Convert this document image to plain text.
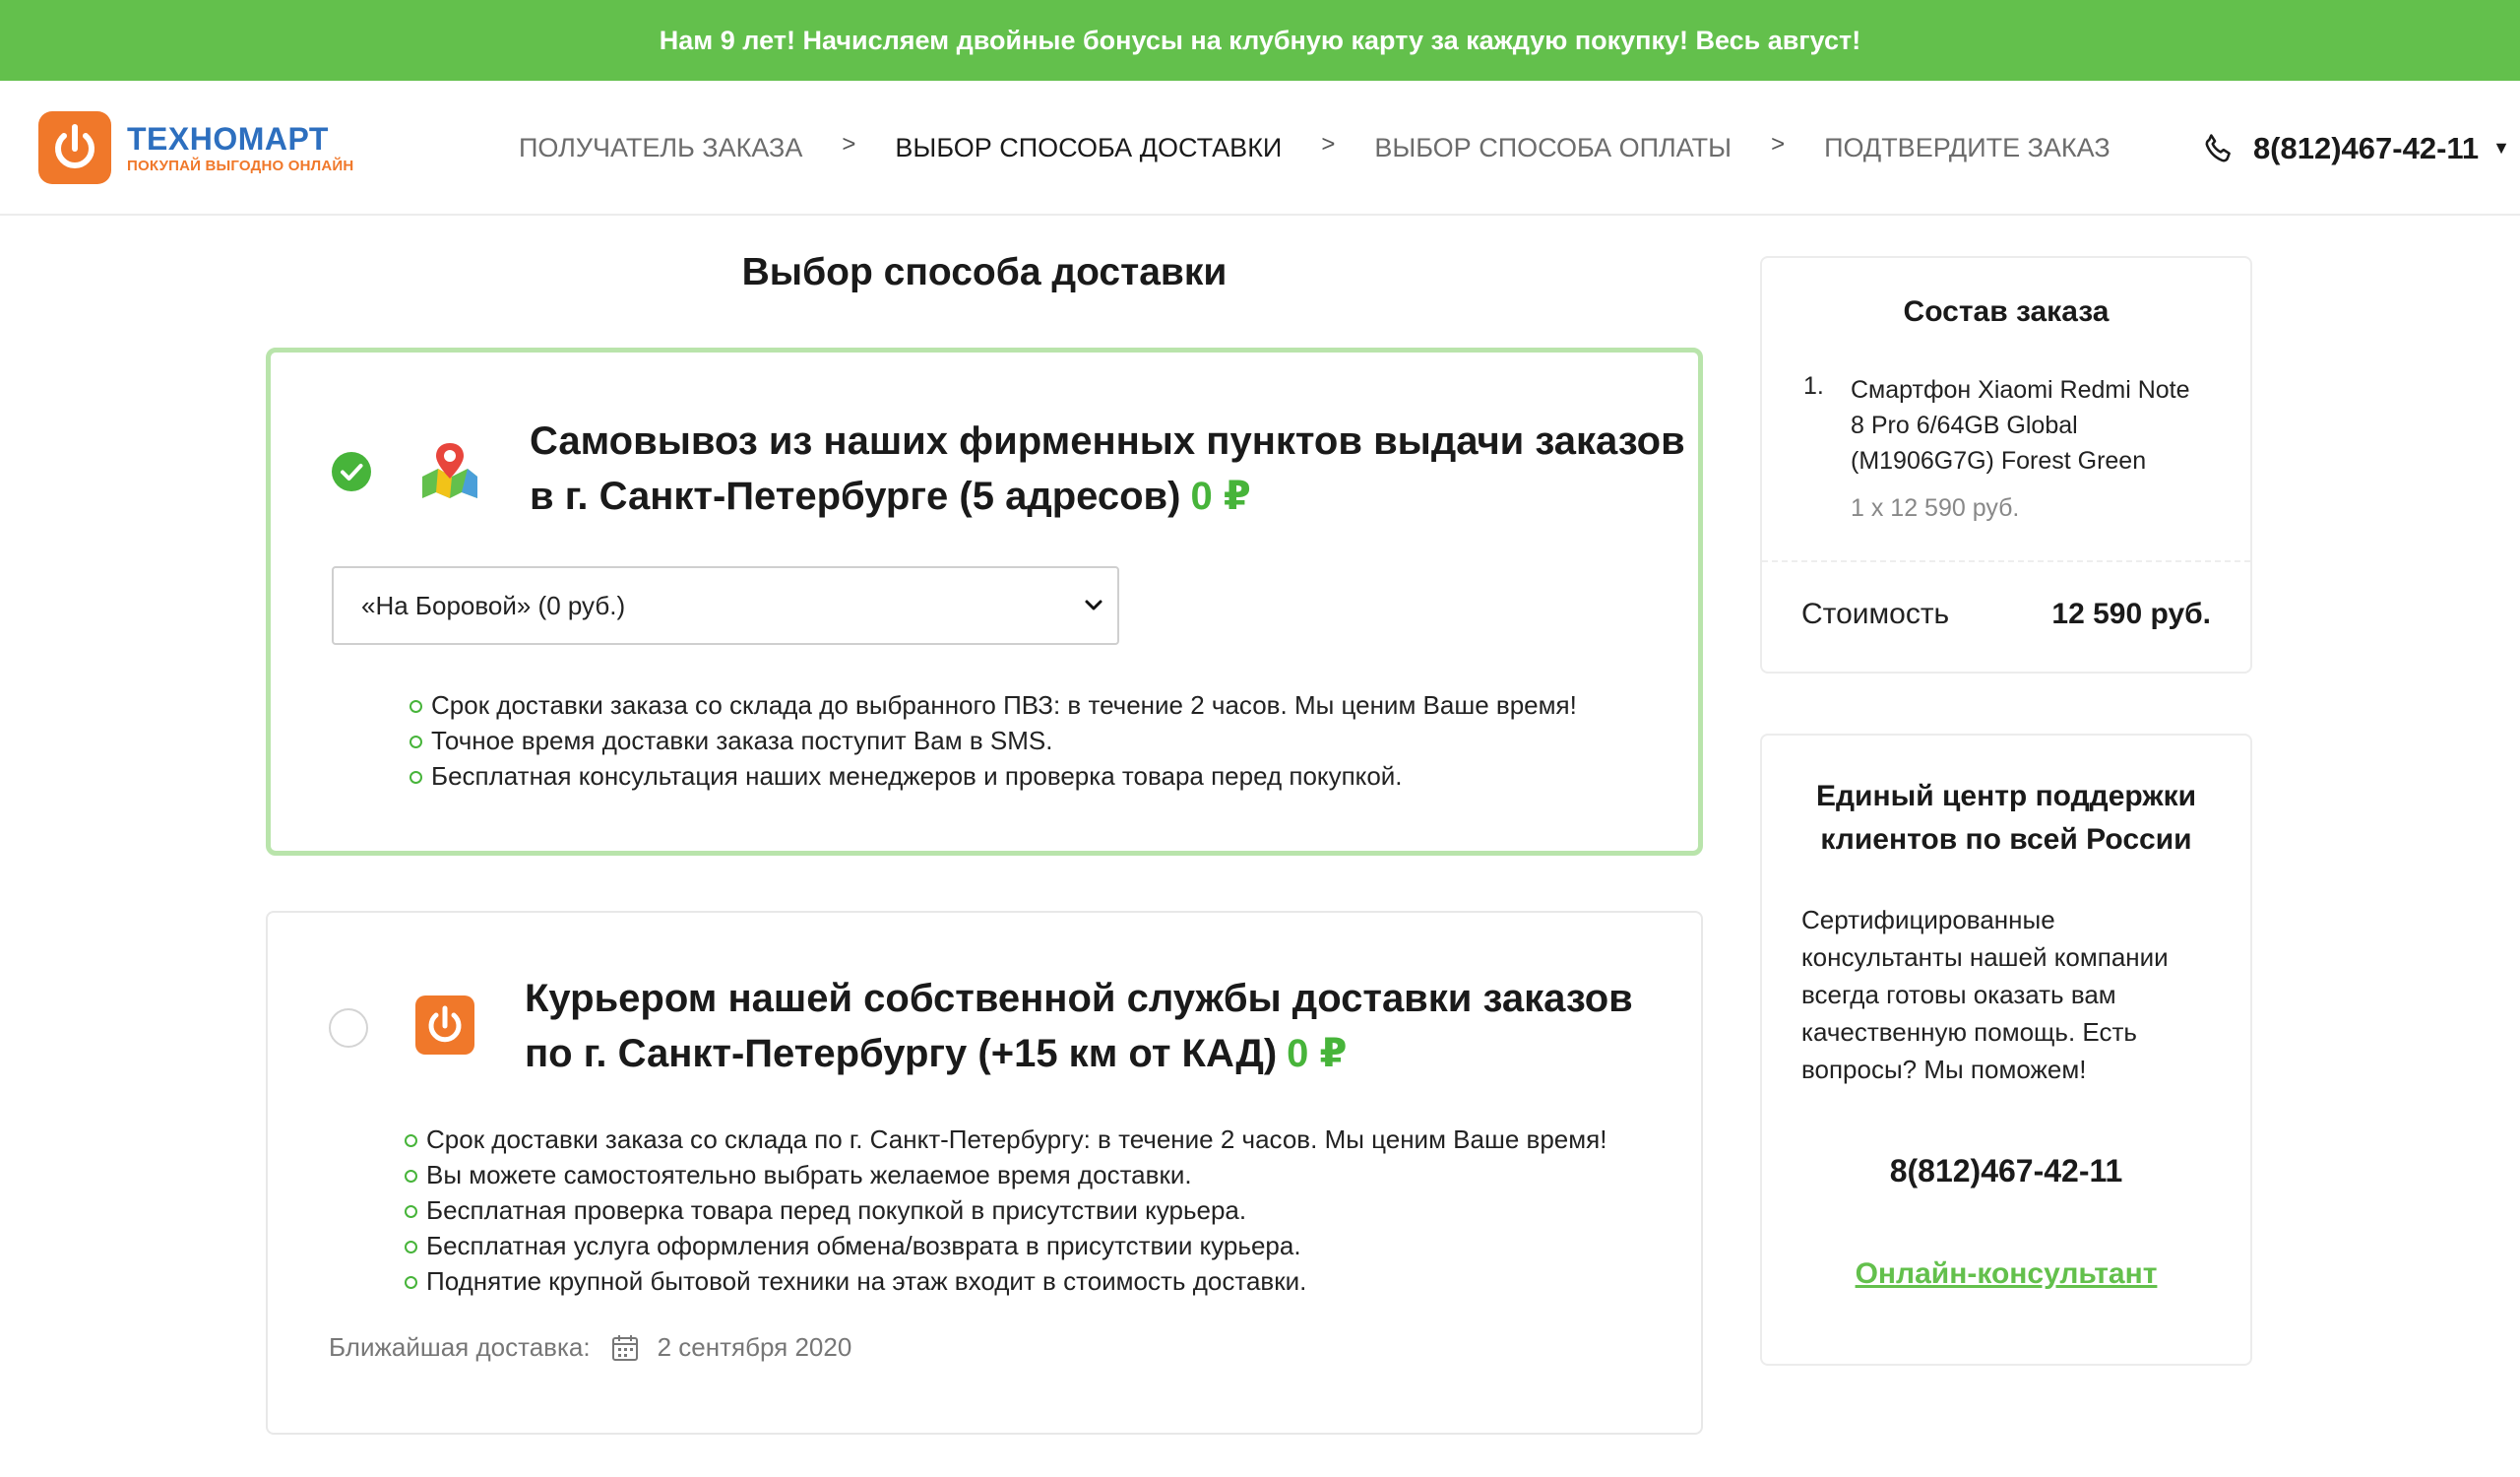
Нам 9 лет! Начисляем двойные бонусы на клубную карту за каждую покупку! Весь август!
ТЕХНОМАРТ
ПОКУПАЙ ВЫГОДНО ОНЛАЙН
ПОЛУЧАТЕЛЬ ЗАКАЗА > ВЫБОР СПОСОБА ДОСТАВКИ > ВЫБОР СПОСОБА ОПЛАТЫ > ПОДТВЕРДИТЕ ЗАКАЗ	8(812)467-42-11 ▼
Выбор способа доставки
Самовывоз из наших фирменных пунктов выдачи заказов
в г. Санкт-Петербурге (5 адресов) 0 ₽
«На Боровой» (0 руб.)
Срок доставки заказа со склада до выбранного ПВЗ: в течение 2 часов. Мы ценим Ваше время!
Точное время доставки заказа поступит Вам в SMS.
Бесплатная консультация наших менеджеров и проверка товара перед покупкой.
Курьером нашей собственной службы доставки заказов
по г. Санкт-Петербургу (+15 км от КАД) 0 ₽
Срок доставки заказа со склада по г. Санкт-Петербургу: в течение 2 часов. Мы ценим Ваше время!
Вы можете самостоятельно выбрать желаемое время доставки.
Бесплатная проверка товара перед покупкой в присутствии курьера.
Бесплатная услуга оформления обмена/возврата в присутствии курьера.
Поднятие крупной бытовой техники на этаж входит в стоимость доставки.
Ближайшая доставка:	2 сентября 2020
Состав заказа
1.	Смартфон Xiaomi Redmi Note 8 Pro 6/64GB Global (M1906G7G) Forest Green
1 x 12 590 руб.
Стоимость	12 590 руб.
Единый центр поддержки клиентов по всей России
Сертифицированные консультанты нашей компании всегда готовы оказать вам качественную помощь. Есть вопросы? Мы поможем!
8(812)467-42-11
Онлайн-консультант
